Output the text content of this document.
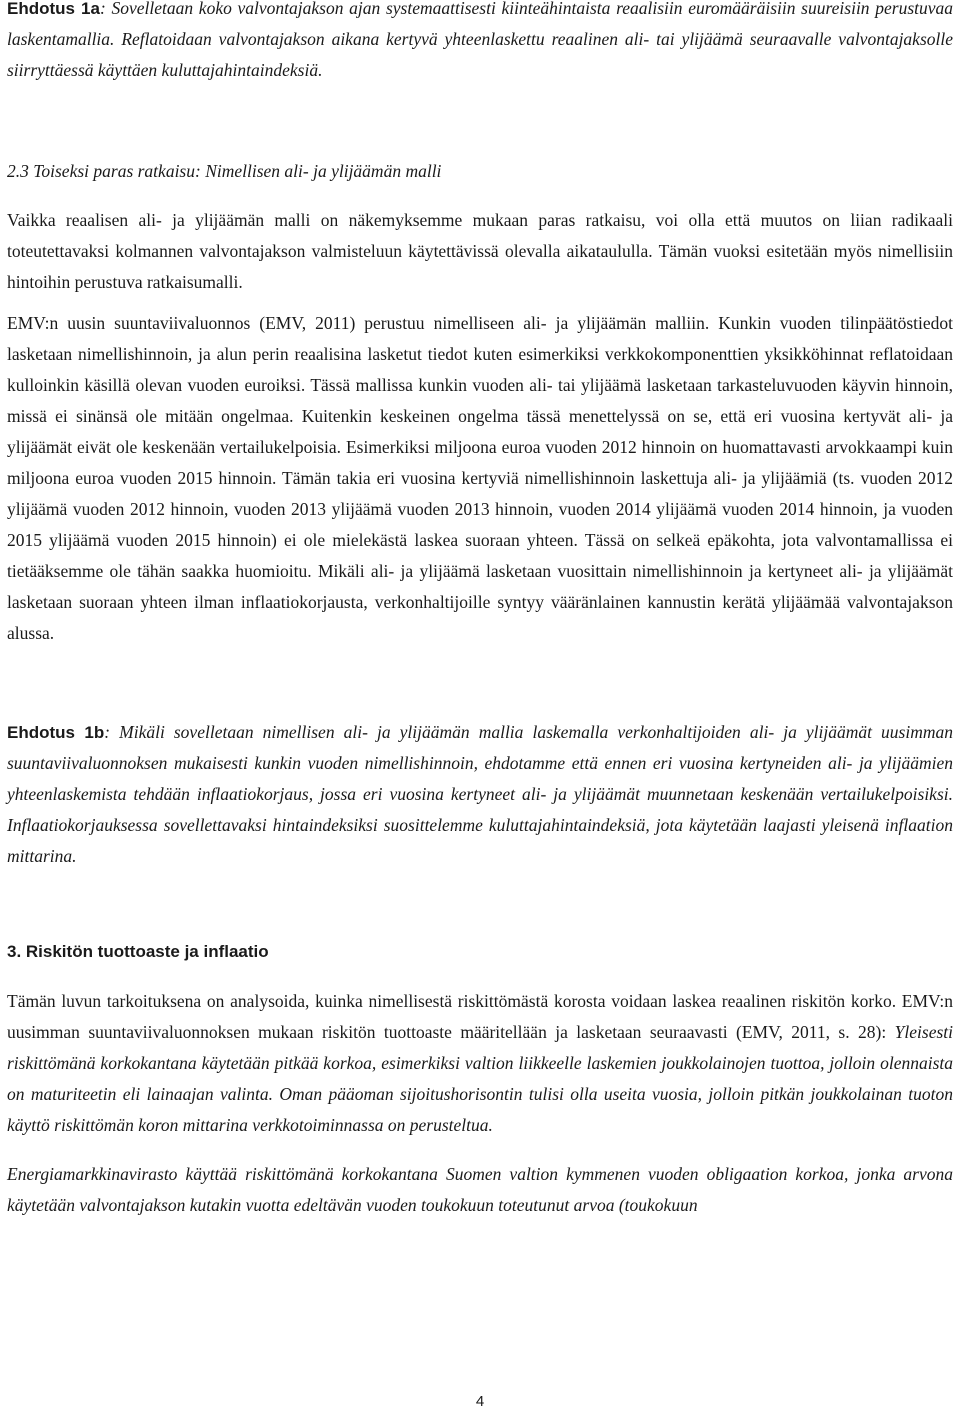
Ehdotus 1a: Sovelletaan koko valvontajakson ajan systemaattisesti kiinteähintaista reaalisiin euromääräisiin suureisiin perustuvaa laskentamallia. Reflatoidaan valvontajakson aikana kertyvä yhteenlaskettu reaalinen ali- tai ylijäämä seuraavalle valvontajaksolle siirryttäessä käyttäen kuluttajahintaindeksiä.

2.3 Toiseksi paras ratkaisu: Nimellisen ali- ja ylijäämän malli

Vaikka reaalisen ali- ja ylijäämän malli on näkemyksemme mukaan paras ratkaisu, voi olla että muutos on liian radikaali toteutettavaksi kolmannen valvontajakson valmisteluun käytettävissä olevalla aikataululla. Tämän vuoksi esitetään myös nimellisiin hintoihin perustuva ratkaisumalli.

EMV:n uusin suuntaviivaluonnos (EMV, 2011) perustuu nimelliseen ali- ja ylijäämän malliin. Kunkin vuoden tilinpäätöstiedot lasketaan nimellishinnoin, ja alun perin reaalisina lasketut tiedot kuten esimerkiksi verkkokomponenttien yksikköhinnat reflatoidaan kulloinkin käsillä olevan vuoden euroiksi. Tässä mallissa kunkin vuoden ali- tai ylijäämä lasketaan tarkasteluvuoden käyvin hinnoin, missä ei sinänsä ole mitään ongelmaa. Kuitenkin keskeinen ongelma tässä menettelyssä on se, että eri vuosina kertyvät ali- ja ylijäämät eivät ole keskenään vertailukelpoisia. Esimerkiksi miljoona euroa vuoden 2012 hinnoin on huomattavasti arvokkaampi kuin miljoona euroa vuoden 2015 hinnoin. Tämän takia eri vuosina kertyviä nimellishinnoin laskettuja ali- ja ylijäämiä (ts. vuoden 2012 ylijäämä vuoden 2012 hinnoin, vuoden 2013 ylijäämä vuoden 2013 hinnoin, vuoden 2014 ylijäämä vuoden 2014 hinnoin, ja vuoden 2015 ylijäämä vuoden 2015 hinnoin) ei ole mielekästä laskea suoraan yhteen. Tässä on selkeä epäkohta, jota valvontamallissa ei tietääksemme ole tähän saakka huomioitu. Mikäli ali- ja ylijäämä lasketaan vuosittain nimellishinnoin ja kertyneet ali- ja ylijäämät lasketaan suoraan yhteen ilman inflaatiokorjausta, verkonhaltijoille syntyy vääränlainen kannustin kerätä ylijäämää valvontajakson alussa.

Ehdotus 1b: Mikäli sovelletaan nimellisen ali- ja ylijäämän mallia laskemalla verkonhaltijoiden ali- ja ylijäämät uusimman suuntaviivaluonnoksen mukaisesti kunkin vuoden nimellishinnoin, ehdotamme että ennen eri vuosina kertyneiden ali- ja ylijäämien yhteenlaskemista tehdään inflaatiokorjaus, jossa eri vuosina kertyneet ali- ja ylijäämät muunnetaan keskenään vertailukelpoisiksi. Inflaatiokorjauksessa sovellettavaksi hintaindeksiksi suosittelemme kuluttajahintaindeksiä, jota käytetään laajasti yleisenä inflaation mittarina.

3. Riskitön tuottoaste ja inflaatio

Tämän luvun tarkoituksena on analysoida, kuinka nimellisestä riskittömästä korosta voidaan laskea reaalinen riskitön korko. EMV:n uusimman suuntaviivaluonnoksen mukaan riskitön tuottoaste määritellään ja lasketaan seuraavasti (EMV, 2011, s. 28): Yleisesti riskittömänä korkokantana käytetään pitkää korkoa, esimerkiksi valtion liikkeelle laskemien joukkolainojen tuottoa, jolloin olennaista on maturiteetin eli lainaajan valinta. Oman pääoman sijoitushorisontin tulisi olla useita vuosia, jolloin pitkän joukkolainan tuoton käyttö riskittömän koron mittarina verkkotoiminnassa on perusteltua.

Energiamarkkinavirasto käyttää riskittömänä korkokantana Suomen valtion kymmenen vuoden obligaation korkoa, jonka arvona käytetään valvontajakson kutakin vuotta edeltävän vuoden toukokuun toteutunut arvoa (toukokuun

4
